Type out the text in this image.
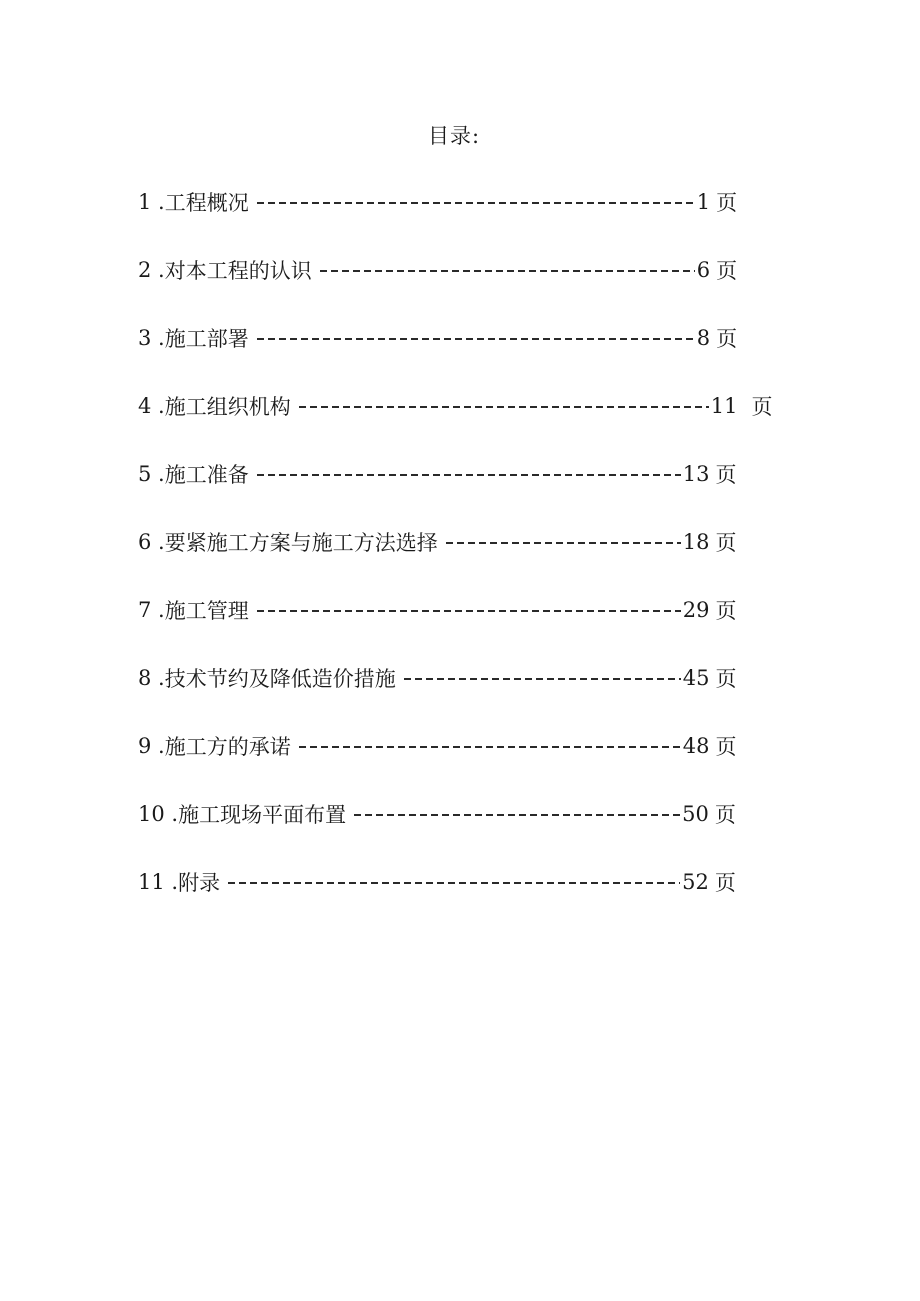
目录:
1 . 工程概况	1 页
2 . 对本工程的认识	6 页
3 . 施工部署	8 页
4 . 施工组织机构	11 页
5 . 施工准备	13 页
6 . 要紧施工方案与施工方法选择	18 页
7 . 施工管理	29 页
8 . 技术节约及降低造价措施	45 页
9 . 施工方的承诺	48 页
10 . 施工现场平面布置	50 页
11 . 附录	52 页
